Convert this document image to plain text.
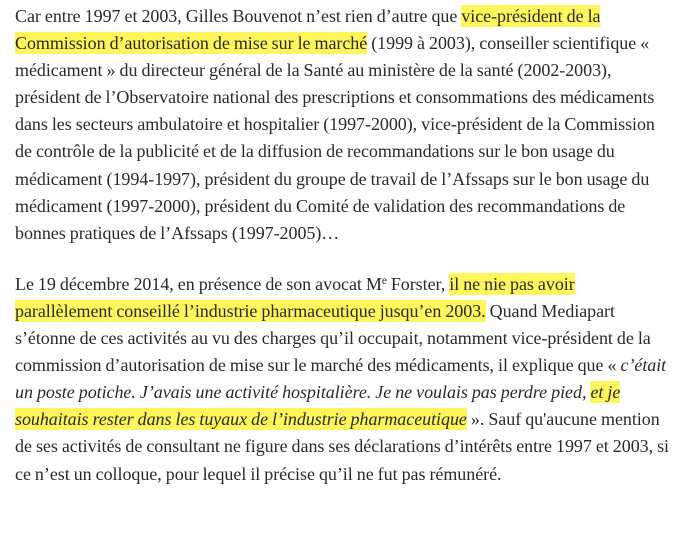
Car entre 1997 et 2003, Gilles Bouvenot n’est rien d’autre que vice-président de la Commission d’autorisation de mise sur le marché (1999 à 2003), conseiller scientifique « médicament » du directeur général de la Santé au ministère de la santé (2002-2003), président de l’Observatoire national des prescriptions et consommations des médicaments dans les secteurs ambulatoire et hospitalier (1997-2000), vice-président de la Commission de contrôle de la publicité et de la diffusion de recommandations sur le bon usage du médicament (1994-1997), président du groupe de travail de l’Afssaps sur le bon usage du médicament (1997-2000), président du Comité de validation des recommandations de bonnes pratiques de l’Afssaps (1997-2005)…

Le 19 décembre 2014, en présence de son avocat Me Forster, il ne nie pas avoir parallèlement conseillé l’industrie pharmaceutique jusqu’en 2003. Quand Mediapart s’étonne de ces activités au vu des charges qu’il occupait, notamment vice-président de la commission d’autorisation de mise sur le marché des médicaments, il explique que « c’était un poste potiche. J’avais une activité hospitalière. Je ne voulais pas perdre pied, et je souhaitais rester dans les tuyaux de l’industrie pharmaceutique ». Sauf qu'aucune mention de ses activités de consultant ne figure dans ses déclarations d’intérêts entre 1997 et 2003, si ce n’est un colloque, pour lequel il précise qu’il ne fut pas rémunéré.
